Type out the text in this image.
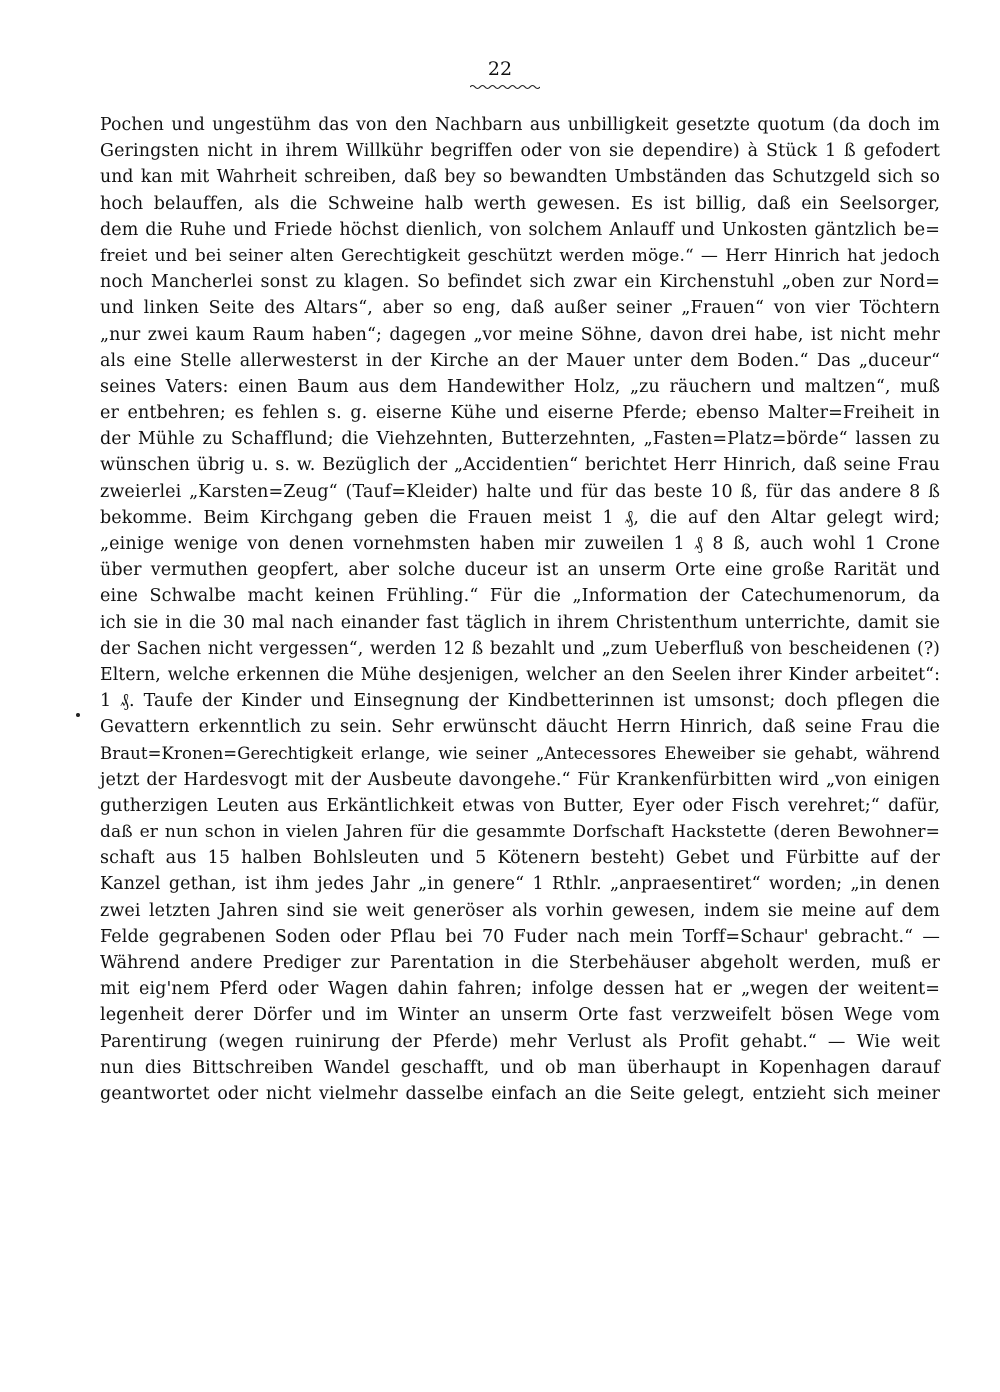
22
Pochen und ungestühm das von den Nachbarn aus unbilligkeit gesetzte quotum (da doch im
Geringsten nicht in ihrem Willkühr begriffen oder von sie dependire) à Stück 1 ß gefodert
und kan mit Wahrheit schreiben, daß bey so bewandten Umbständen das Schutzgeld sich so
hoch belauffen, als die Schweine halb werth gewesen. Es ist billig, daß ein Seelsorger,
dem die Ruhe und Friede höchst dienlich, von solchem Anlauff und Unkosten gäntzlich be=
freiet und bei seiner alten Gerechtigkeit geschützt werden möge.“ — Herr Hinrich hat jedoch
noch Mancherlei sonst zu klagen. So befindet sich zwar ein Kirchenstuhl „oben zur Nord=
und linken Seite des Altars“, aber so eng, daß außer seiner „Frauen“ von vier Töchtern
„nur zwei kaum Raum haben“; dagegen „vor meine Söhne, davon drei habe, ist nicht mehr
als eine Stelle allerwesterst in der Kirche an der Mauer unter dem Boden.“ Das „duceur“
seines Vaters: einen Baum aus dem Handewither Holz, „zu räuchern und maltzen“, muß
er entbehren; es fehlen s. g. eiserne Kühe und eiserne Pferde; ebenso Malter=Freiheit in
der Mühle zu Schafflund; die Viehzehnten, Butterzehnten, „Fasten=Platz=börde“ lassen zu
wünschen übrig u. s. w. Bezüglich der „Accidentien“ berichtet Herr Hinrich, daß seine Frau
zweierlei „Karsten=Zeug“ (Tauf=Kleider) halte und für das beste 10 ß, für das andere 8 ß
bekomme. Beim Kirchgang geben die Frauen meist 1 ₰, die auf den Altar gelegt wird;
„einige wenige von denen vornehmsten haben mir zuweilen 1 ₰ 8 ß, auch wohl 1 Crone
über vermuthen geopfert, aber solche duceur ist an unserm Orte eine große Rarität und
eine Schwalbe macht keinen Frühling.“ Für die „Information der Catechumenorum, da
ich sie in die 30 mal nach einander fast täglich in ihrem Christenthum unterrichte, damit sie
der Sachen nicht vergessen“, werden 12 ß bezahlt und „zum Ueberfluß von bescheidenen (?)
Eltern, welche erkennen die Mühe desjenigen, welcher an den Seelen ihrer Kinder arbeitet“:
1 ₰. Taufe der Kinder und Einsegnung der Kindbetterinnen ist umsonst; doch pflegen die
Gevattern erkenntlich zu sein. Sehr erwünscht däucht Herrn Hinrich, daß seine Frau die
Braut=Kronen=Gerechtigkeit erlange, wie seiner „Antecessores Eheweiber sie gehabt, während
jetzt der Hardesvogt mit der Ausbeute davongehe.“ Für Krankenfürbitten wird „von einigen
gutherzigen Leuten aus Erkäntlichkeit etwas von Butter, Eyer oder Fisch verehret;“ dafür,
daß er nun schon in vielen Jahren für die gesammte Dorfschaft Hackstette (deren Bewohner=
schaft aus 15 halben Bohlsleuten und 5 Kötenern besteht) Gebet und Fürbitte auf der
Kanzel gethan, ist ihm jedes Jahr „in genere“ 1 Rthlr. „anpraesentiret“ worden; „in denen
zwei letzten Jahren sind sie weit generöser als vorhin gewesen, indem sie meine auf dem
Felde gegrabenen Soden oder Pflau bei 70 Fuder nach mein Torff=Schaur' gebracht.“ —
Während andere Prediger zur Parentation in die Sterbehäuser abgeholt werden, muß er
mit eig'nem Pferd oder Wagen dahin fahren; infolge dessen hat er „wegen der weitent=
legenheit derer Dörfer und im Winter an unserm Orte fast verzweifelt bösen Wege vom
Parentirung (wegen ruinirung der Pferde) mehr Verlust als Profit gehabt.“ — Wie weit
nun dies Bittschreiben Wandel geschafft, und ob man überhaupt in Kopenhagen darauf
geantwortet oder nicht vielmehr dasselbe einfach an die Seite gelegt, entzieht sich meiner
